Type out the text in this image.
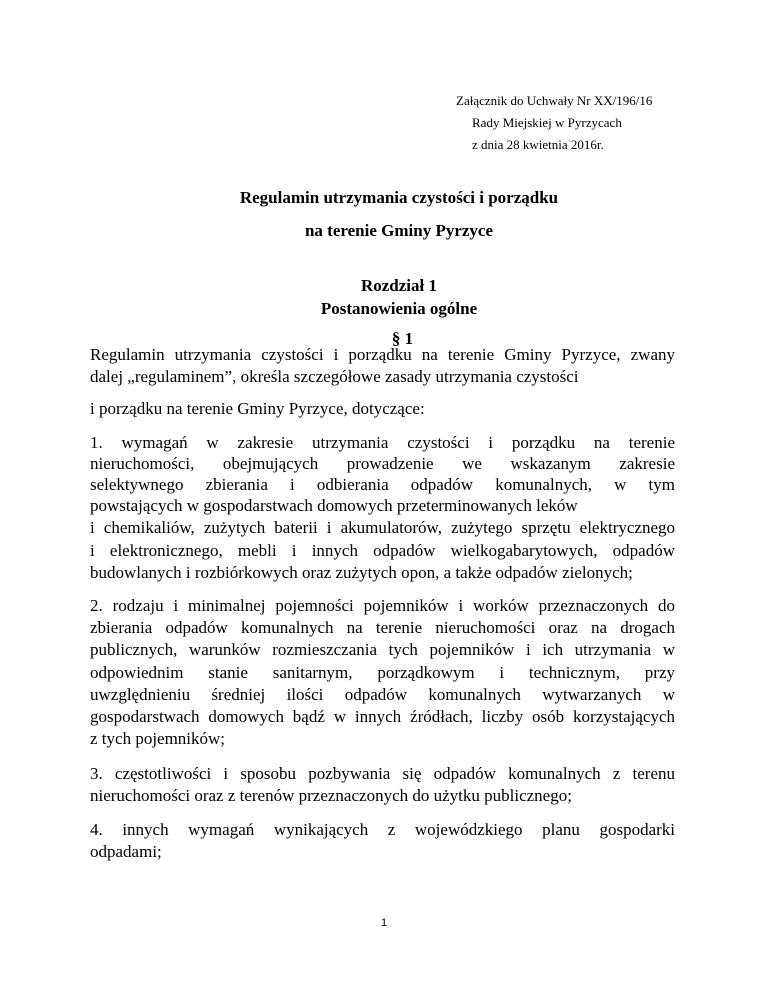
Załącznik do Uchwały Nr XX/196/16
Rady Miejskiej w Pyrzycach
z dnia 28 kwietnia 2016r.
Regulamin utrzymania czystości i porządku
na terenie Gminy Pyrzyce
Rozdział 1
Postanowienia ogólne
§ 1
Regulamin utrzymania czystości i porządku na terenie Gminy Pyrzyce, zwany
dalej „regulaminem”, określa szczegółowe zasady utrzymania czystości
i porządku na terenie Gminy Pyrzyce, dotyczące:
1. wymagań w zakresie utrzymania czystości i porządku na terenie
nieruchomości, obejmujących prowadzenie we wskazanym zakresie
selektywnego zbierania i odbierania odpadów komunalnych, w tym
powstających w gospodarstwach domowych przeterminowanych leków
i chemikaliów, zużytych baterii i akumulatorów, zużytego sprzętu elektrycznego
i elektronicznego, mebli i innych odpadów wielkogabarytowych, odpadów
budowlanych i rozbiórkowych oraz zużytych opon, a także odpadów zielonych;
2. rodzaju i minimalnej pojemności pojemników i worków przeznaczonych do
zbierania odpadów komunalnych na terenie nieruchomości oraz na drogach
publicznych, warunków rozmieszczania tych pojemników i ich utrzymania w
odpowiednim stanie sanitarnym, porządkowym i technicznym, przy
uwzględnieniu średniej ilości odpadów komunalnych wytwarzanych w
gospodarstwach domowych bądź w innych źródłach, liczby osób korzystających
z tych pojemników;
3. częstotliwości i sposobu pozbywania się odpadów komunalnych z terenu
nieruchomości oraz z terenów przeznaczonych do użytku publicznego;
4. innych wymagań wynikających z wojewódzkiego planu gospodarki
odpadami;
1
